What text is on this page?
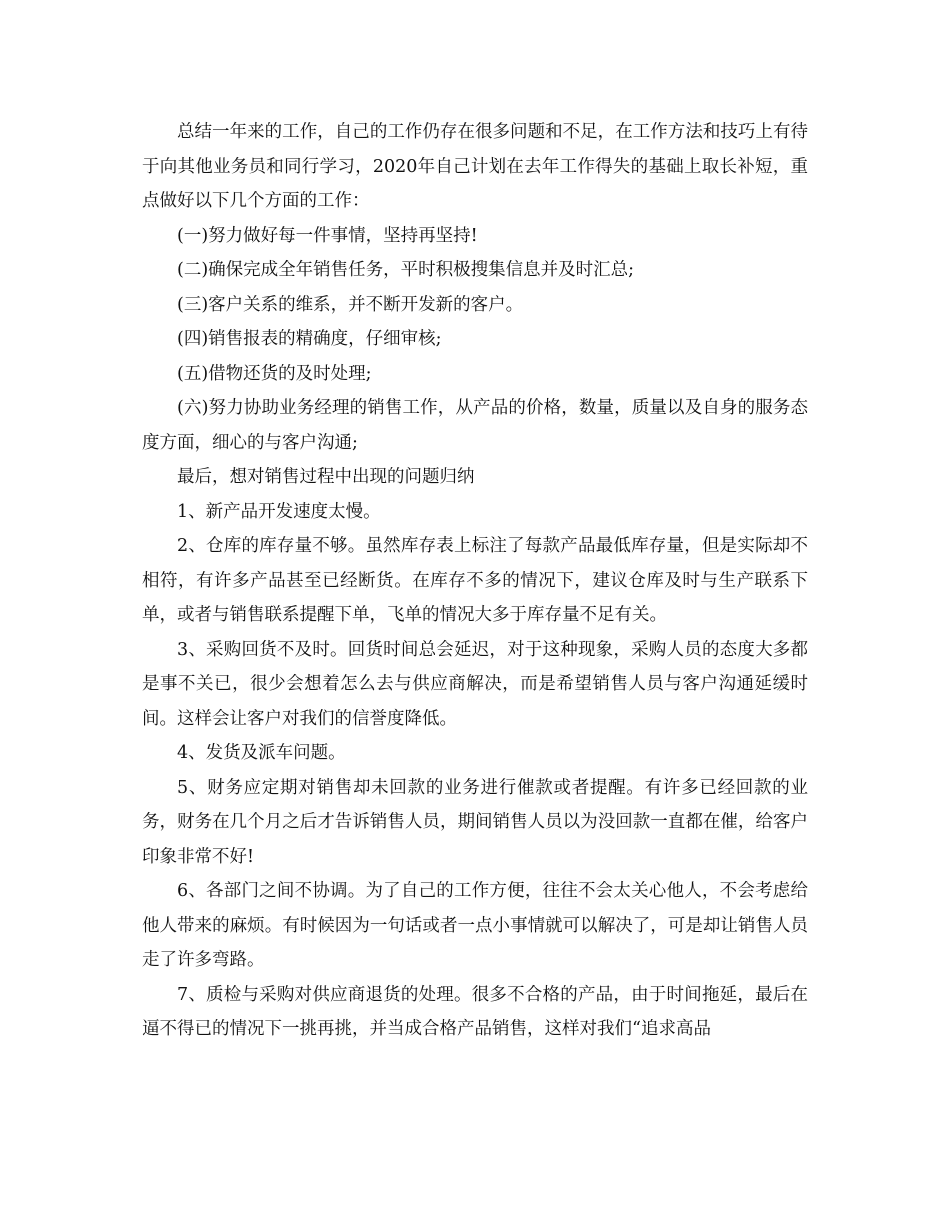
总结一年来的工作，自己的工作仍存在很多问题和不足，在工作方法和技巧上有待于向其他业务员和同行学习，2020年自己计划在去年工作得失的基础上取长补短，重点做好以下几个方面的工作：

(一)努力做好每一件事情，坚持再坚持!

(二)确保完成全年销售任务，平时积极搜集信息并及时汇总;

(三)客户关系的维系，并不断开发新的客户。

(四)销售报表的精确度，仔细审核;

(五)借物还货的及时处理;

(六)努力协助业务经理的销售工作，从产品的价格，数量，质量以及自身的服务态度方面，细心的与客户沟通;

最后，想对销售过程中出现的问题归纳

1、新产品开发速度太慢。

2、仓库的库存量不够。虽然库存表上标注了每款产品最低库存量，但是实际却不相符，有许多产品甚至已经断货。在库存不多的情况下，建议仓库及时与生产联系下单，或者与销售联系提醒下单，飞单的情况大多于库存量不足有关。

3、采购回货不及时。回货时间总会延迟，对于这种现象，采购人员的态度大多都是事不关已，很少会想着怎么去与供应商解决，而是希望销售人员与客户沟通延缓时间。这样会让客户对我们的信誉度降低。

4、发货及派车问题。

5、财务应定期对销售却未回款的业务进行催款或者提醒。有许多已经回款的业务，财务在几个月之后才告诉销售人员，期间销售人员以为没回款一直都在催，给客户印象非常不好!

6、各部门之间不协调。为了自己的工作方便，往往不会太关心他人，不会考虑给他人带来的麻烦。有时候因为一句话或者一点小事情就可以解决了，可是却让销售人员走了许多弯路。

7、质检与采购对供应商退货的处理。很多不合格的产品，由于时间拖延，最后在逼不得已的情况下一挑再挑，并当成合格产品销售，这样对我们“追求高品
